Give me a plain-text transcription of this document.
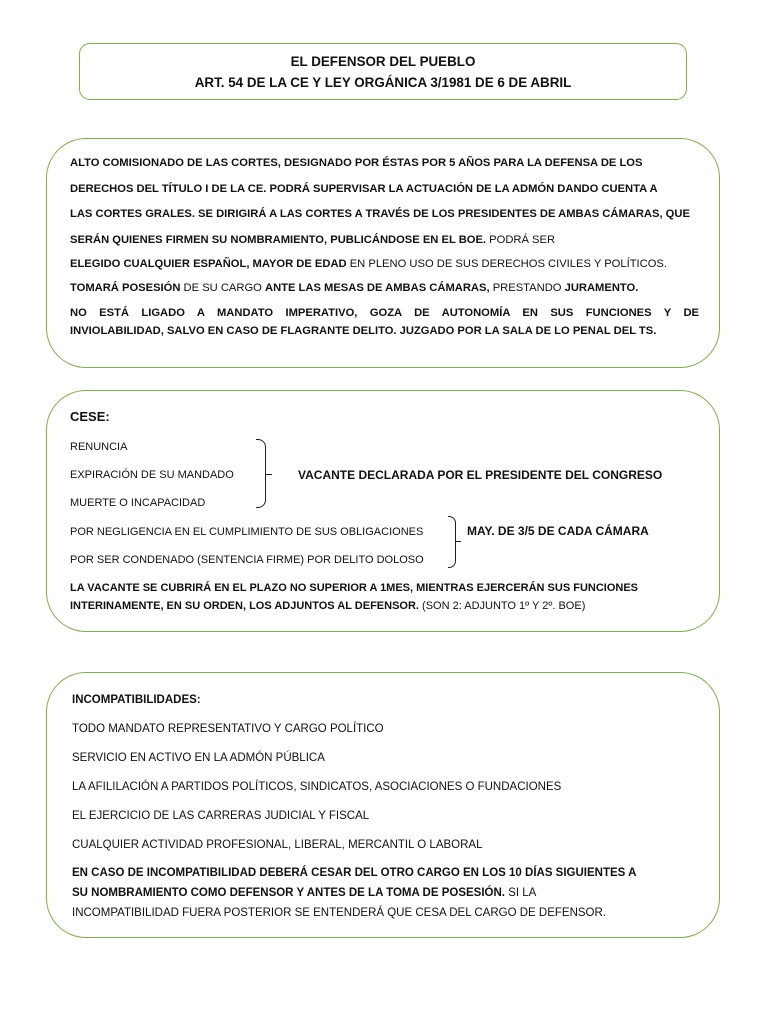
EL DEFENSOR DEL PUEBLO
ART. 54 DE LA CE Y LEY ORGÁNICA 3/1981 DE 6 DE ABRIL
ALTO COMISIONADO DE LAS CORTES, DESIGNADO POR ÉSTAS POR 5 AÑOS PARA LA DEFENSA DE LOS
DERECHOS DEL TÍTULO I DE LA CE. PODRÁ SUPERVISAR LA ACTUACIÓN DE LA ADMÓN DANDO CUENTA A
LAS CORTES GRALES. SE DIRIGIRÁ A LAS CORTES A TRAVÉS DE LOS PRESIDENTES DE AMBAS CÁMARAS, QUE
SERÁN QUIENES FIRMEN SU NOMBRAMIENTO, PUBLICÁNDOSE EN EL BOE. PODRÁ SER
ELEGIDO CUALQUIER ESPAÑOL, MAYOR DE EDAD EN PLENO USO DE SUS DERECHOS CIVILES Y POLÍTICOS.
TOMARÁ POSESIÓN DE SU CARGO ANTE LAS MESAS DE AMBAS CÁMARAS, PRESTANDO JURAMENTO.
NO ESTÁ LIGADO A MANDATO IMPERATIVO, GOZA DE AUTONOMÍA EN SUS FUNCIONES Y DE
INVIOLABILIDAD, SALVO EN CASO DE FLAGRANTE DELITO. JUZGADO POR LA SALA DE LO PENAL DEL TS.
CESE:
RENUNCIA
EXPIRACIÓN DE SU MANDADO
MUERTE O INCAPACIDAD
VACANTE DECLARADA POR EL PRESIDENTE DEL CONGRESO
POR NEGLIGENCIA EN EL CUMPLIMIENTO DE SUS OBLIGACIONES
POR SER CONDENADO (SENTENCIA FIRME) POR DELITO DOLOSO
MAY. DE 3/5 DE CADA CÁMARA
LA VACANTE SE CUBRIRÁ EN EL PLAZO NO SUPERIOR A 1MES, MIENTRAS EJERCERÁN SUS FUNCIONES
INTERINAMENTE, EN SU ORDEN, LOS ADJUNTOS AL DEFENSOR. (SON 2: ADJUNTO 1º Y 2º. BOE)
INCOMPATIBILIDADES:
TODO MANDATO REPRESENTATIVO Y CARGO POLÍTICO
SERVICIO EN ACTIVO EN LA ADMÓN PÚBLICA
LA AFILILACIÓN A PARTIDOS POLÍTICOS, SINDICATOS, ASOCIACIONES O FUNDACIONES
EL EJERCICIO DE LAS CARRERAS JUDICIAL Y FISCAL
CUALQUIER ACTIVIDAD PROFESIONAL, LIBERAL, MERCANTIL O LABORAL
EN CASO DE INCOMPATIBILIDAD DEBERÁ CESAR DEL OTRO CARGO EN LOS 10 DÍAS SIGUIENTES A
SU NOMBRAMIENTO COMO DEFENSOR Y ANTES DE LA TOMA DE POSESIÓN. SI LA
INCOMPATIBILIDAD FUERA POSTERIOR SE ENTENDERÁ QUE CESA DEL CARGO DE DEFENSOR.
